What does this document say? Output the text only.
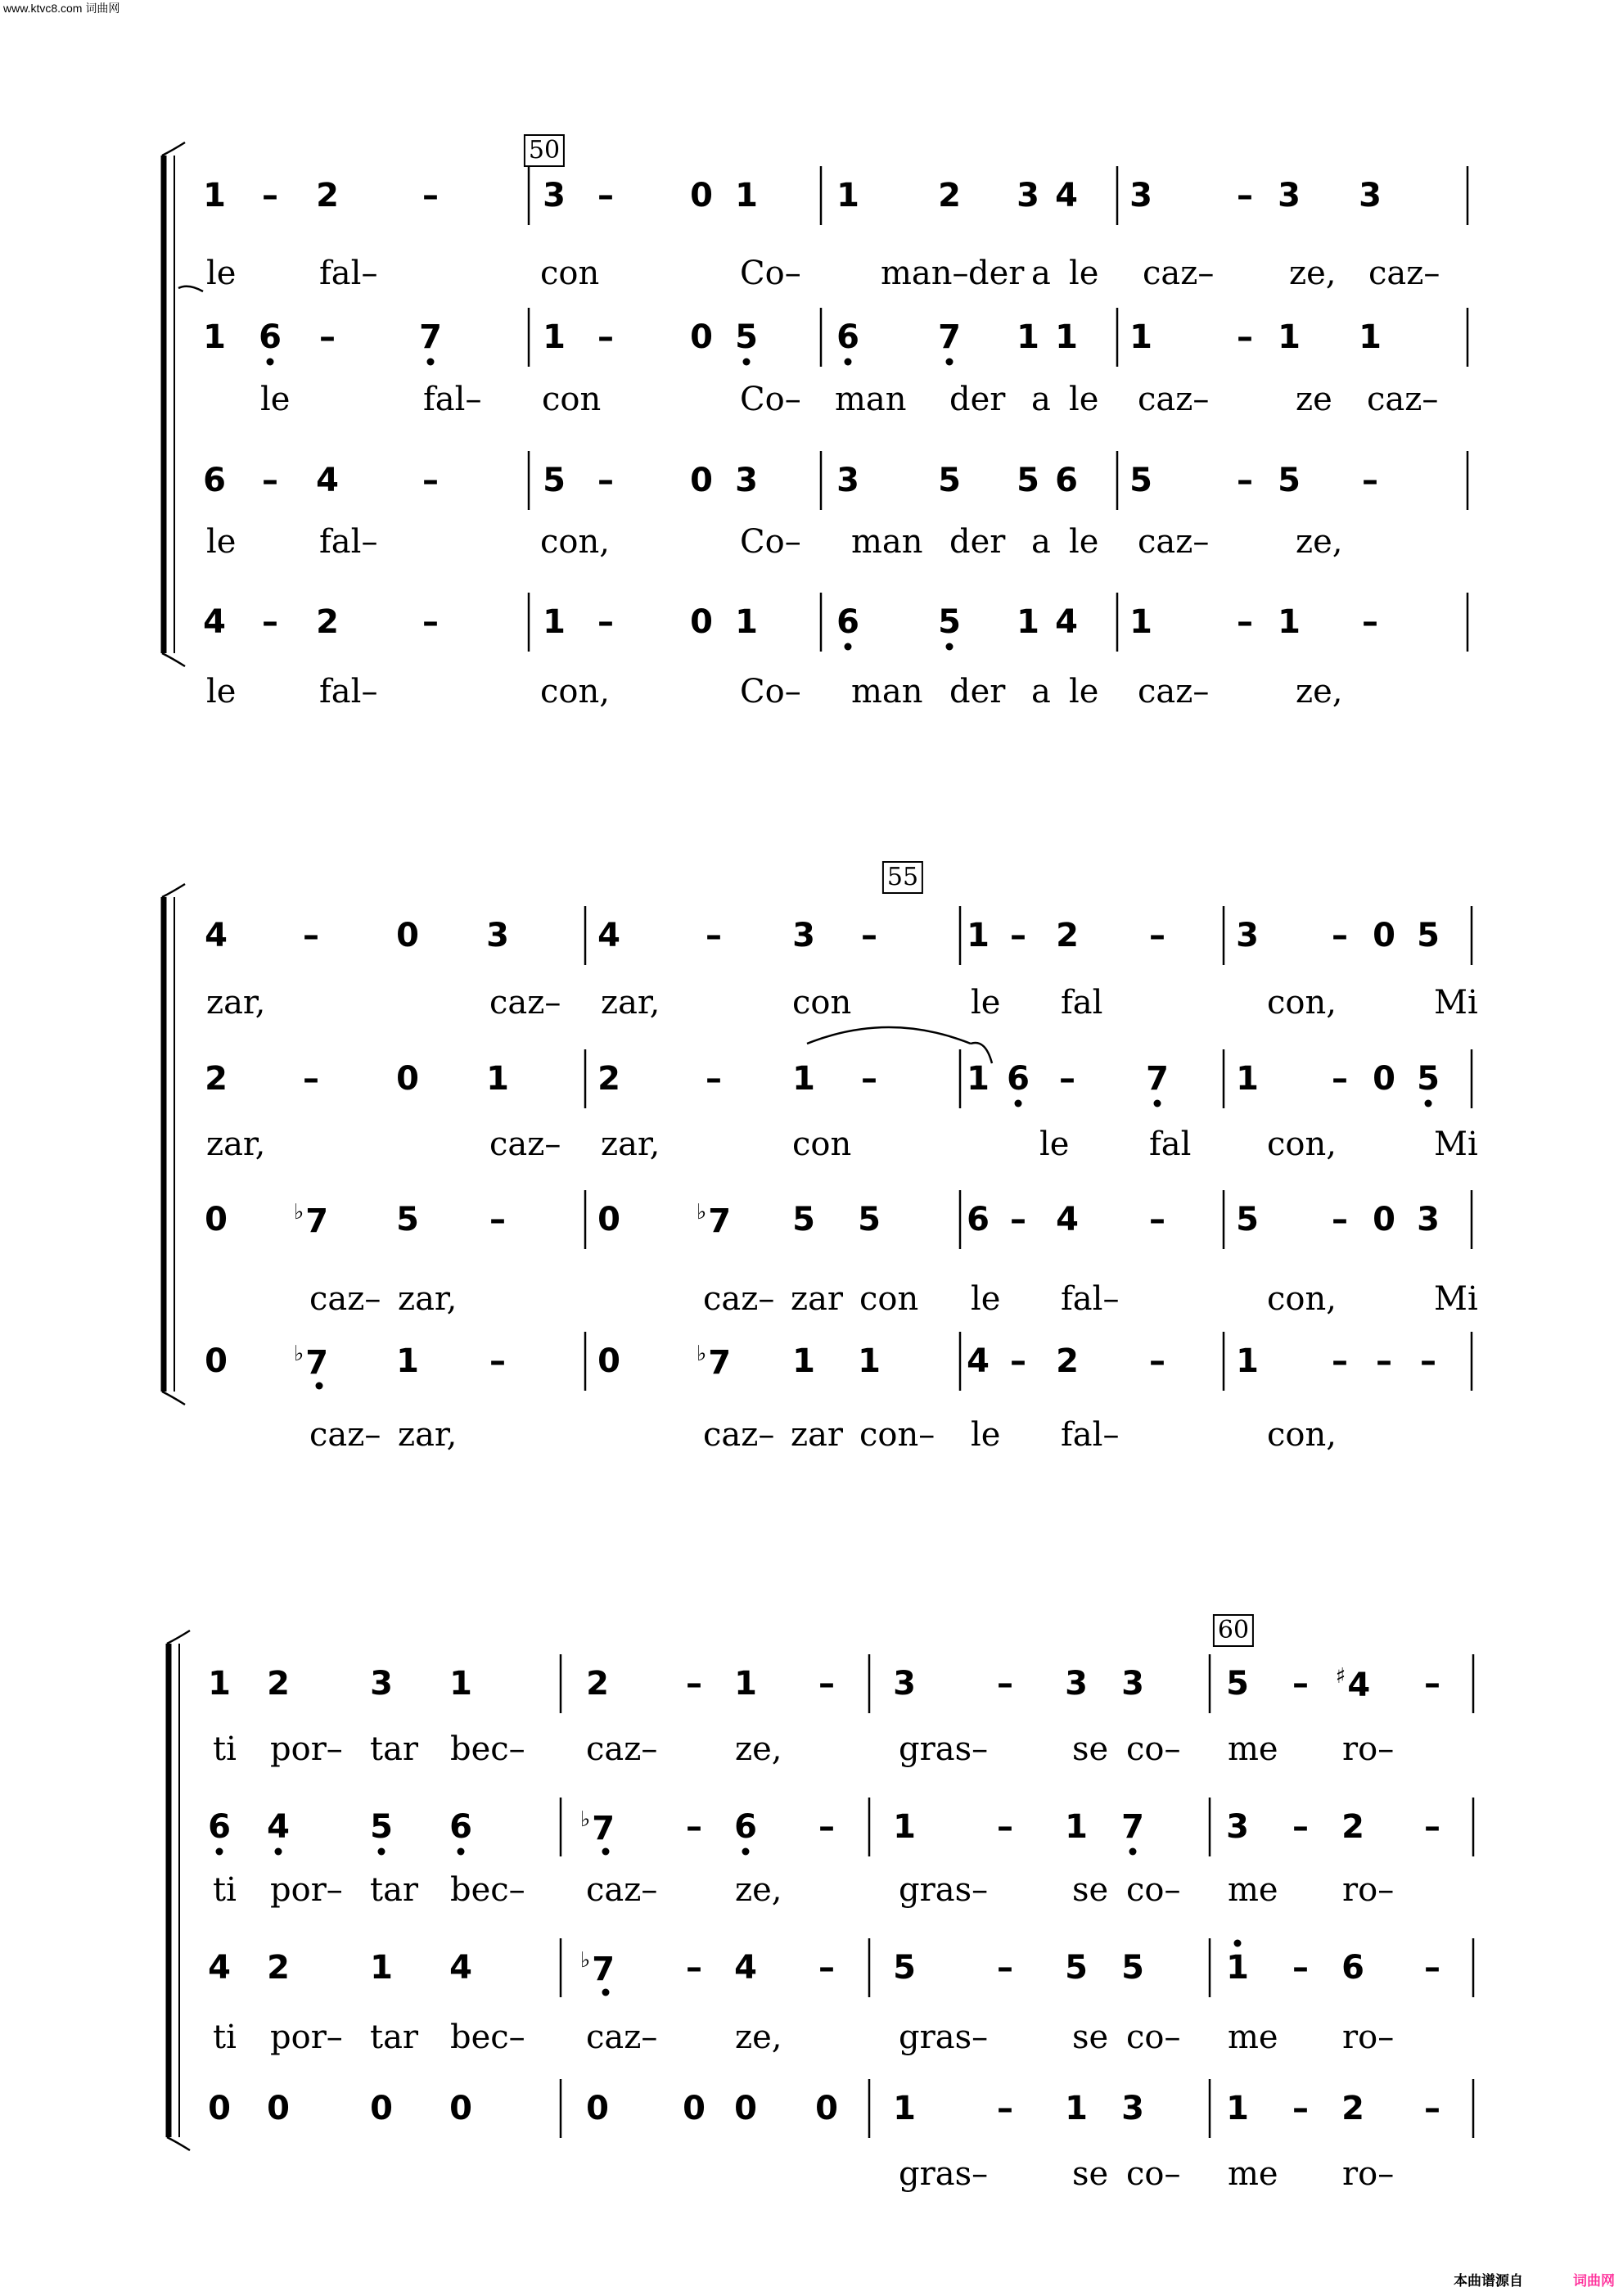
www.ktvc8.com 词曲网
本曲谱源自	词曲网
50
1 – 2	–	3 – 0 1 1 2 3 4 3	– 3 3
le	fal–	con	Co– man– der a le caz– ze, caz–
1 6 –	7	1 – 0 5 6 7 1 1 1	– 1 1
le	fal– con	Co– man der a le caz–	ze caz–
6 – 4	–	5 – 0 3 3 5 5 6 5	– 5 –
le	fal–	con,	Co– man der a le caz–	ze,
4 – 2	–	1 – 0 1 6 5 1 4 1	– 1 –
le	fal–	con,	Co– man der a le caz–	ze,
55
4 – 0 3	4	– 3 –	1 – 2 – 3 – 0 5
zar,	caz– zar,	con	le fal	con,	Mi
2 – 0 1	2	– 1 –	1 6 – 7 1 – 0 5
zar,	caz– zar,	con	le fal con,	Mi
0	♭7 5 –	0	♭7 5 5	6 – 4 – 5 – 0 3
caz– zar,	caz– zar con le fal–	con,	Mi
0	♭7 1 –	0	♭7 1 1	4 – 2 – 1 – – –
caz– zar,	caz– zar con– le fal–	con,
60
1 2 3 1	2 – 1 – 3 – 3 3	5 – ♯4 –
ti por– tar bec– caz– ze,	gras–	se co– me ro–
6 4 5 6	♭7 – 6 – 1 – 1 7	3 – 2 –
ti por– tar bec– caz– ze,	gras–	se co– me ro–
4 2 1 4	♭7 – 4 – 5 – 5 5	1 – 6 –
ti por– tar bec– caz– ze,	gras–	se co– me ro–
0 0 0 0	0 0 0 0 1 – 1 3	1 – 2 –
gras–	se co– me ro–
